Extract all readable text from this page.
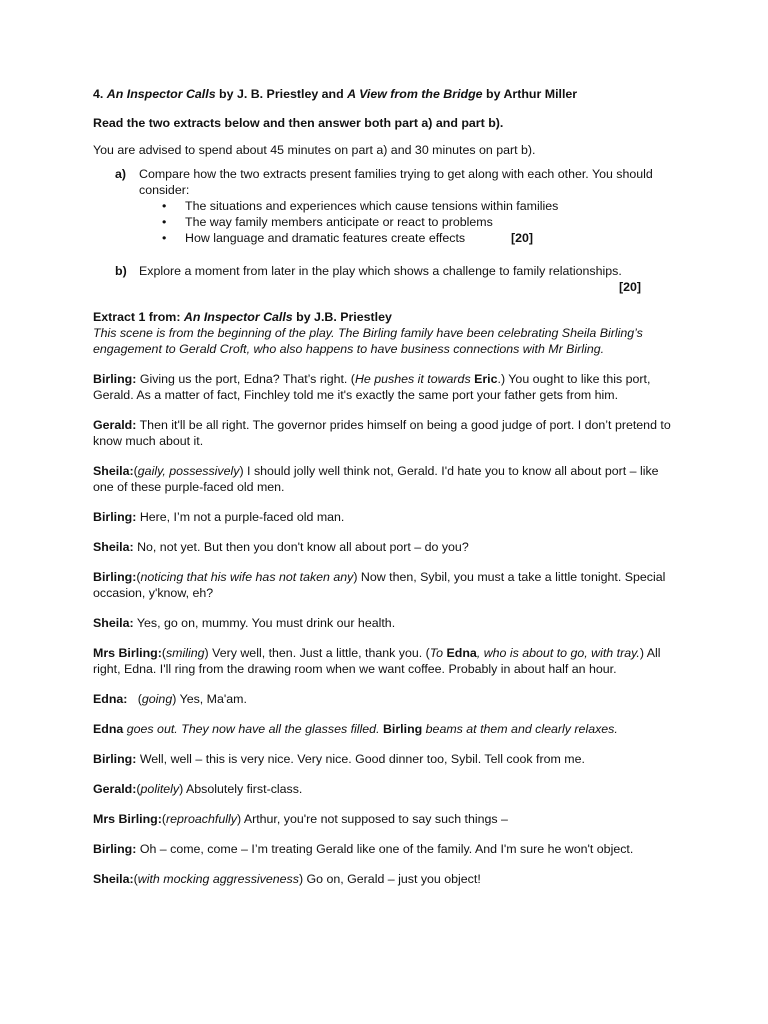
4. An Inspector Calls by J. B. Priestley and A View from the Bridge by Arthur Miller

Read the two extracts below and then answer both part a) and part b).

You are advised to spend about 45 minutes on part a) and 30 minutes on part b).

a) Compare how the two extracts present families trying to get along with each other. You should consider:

• The situations and experiences which cause tensions within families
• The way family members anticipate or react to problems
• How language and dramatic features create effects	[20]
b) Explore a moment from later in the play which shows a challenge to family relationships.

[20]

Extract 1 from: An Inspector Calls by J.B. Priestley

This scene is from the beginning of the play. The Birling family have been celebrating Sheila Birling’s engagement to Gerald Croft, who also happens to have business connections with Mr Birling.

Birling: Giving us the port, Edna? That’s right. (He pushes it towards Eric.) You ought to like this port, Gerald. As a matter of fact, Finchley told me it's exactly the same port your father gets from him.

Gerald: Then it'll be all right. The governor prides himself on being a good judge of port. I don’t pretend to know much about it.

Sheila:(gaily, possessively) I should jolly well think not, Gerald. I'd hate you to know all about port – like one of these purple-faced old men.

Birling: Here, I’m not a purple-faced old man.

Sheila: No, not yet. But then you don't know all about port – do you?

Birling:(noticing that his wife has not taken any) Now then, Sybil, you must a take a little tonight. Special occasion, y'know, eh?

Sheila: Yes, go on, mummy. You must drink our health.

Mrs Birling:(smiling) Very well, then. Just a little, thank you. (To Edna, who is about to go, with tray.) All right, Edna. I'll ring from the drawing room when we want coffee. Probably in about half an hour.

Edna:   (going) Yes, Ma'am.

Edna goes out. They now have all the glasses filled. Birling beams at them and clearly relaxes.

Birling: Well, well – this is very nice. Very nice. Good dinner too, Sybil. Tell cook from me.

Gerald:(politely) Absolutely first-class.

Mrs Birling:(reproachfully) Arthur, you're not supposed to say such things –

Birling: Oh – come, come – I’m treating Gerald like one of the family. And I'm sure he won't object.

Sheila:(with mocking aggressiveness) Go on, Gerald – just you object!
